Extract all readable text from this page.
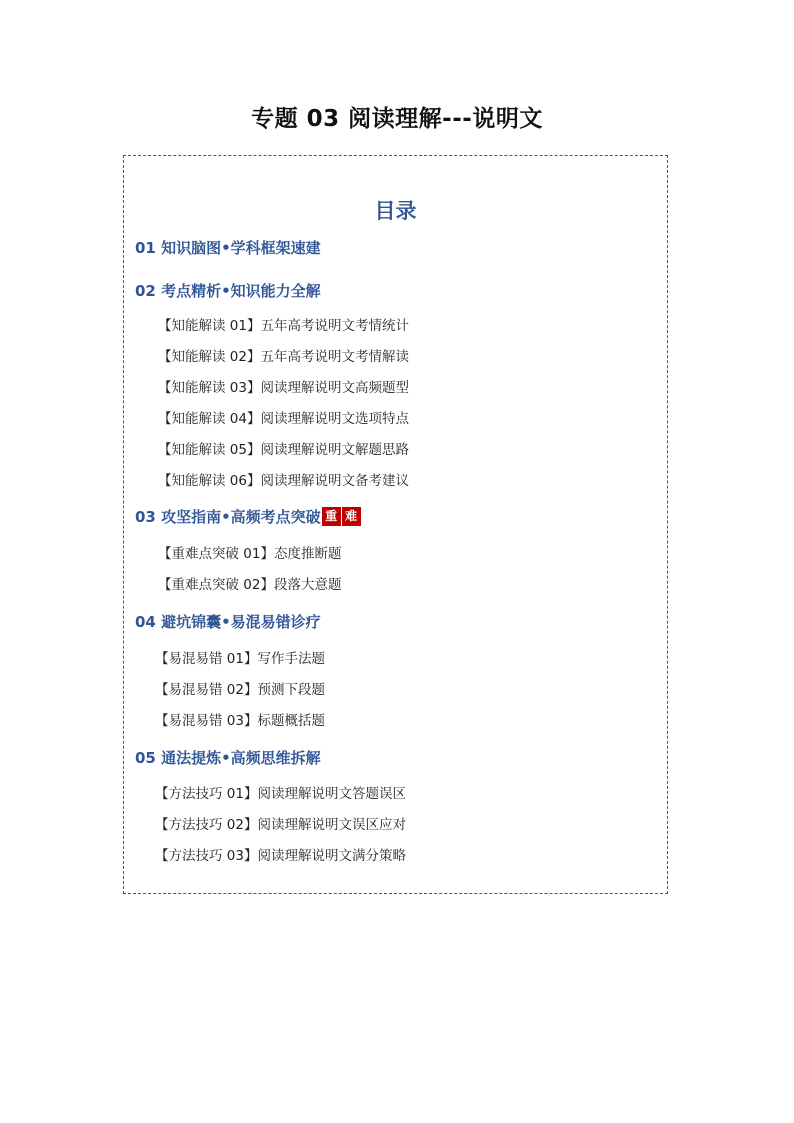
专题 03 阅读理解---说明文
目录
01 知识脑图•学科框架速建
02 考点精析•知识能力全解
【知能解读 01】五年高考说明文考情统计
【知能解读 02】五年高考说明文考情解读
【知能解读 03】阅读理解说明文高频题型
【知能解读 04】阅读理解说明文选项特点
【知能解读 05】阅读理解说明文解题思路
【知能解读 06】阅读理解说明文备考建议
03 攻坚指南•高频考点突破 重 难
【重难点突破 01】态度推断题
【重难点突破 02】段落大意题
04 避坑锦囊•易混易错诊疗
【易混易错 01】写作手法题
【易混易错 02】预测下段题
【易混易错 03】标题概括题
05 通法提炼•高频思维拆解
【方法技巧 01】阅读理解说明文答题误区
【方法技巧 02】阅读理解说明文误区应对
【方法技巧 03】阅读理解说明文满分策略
